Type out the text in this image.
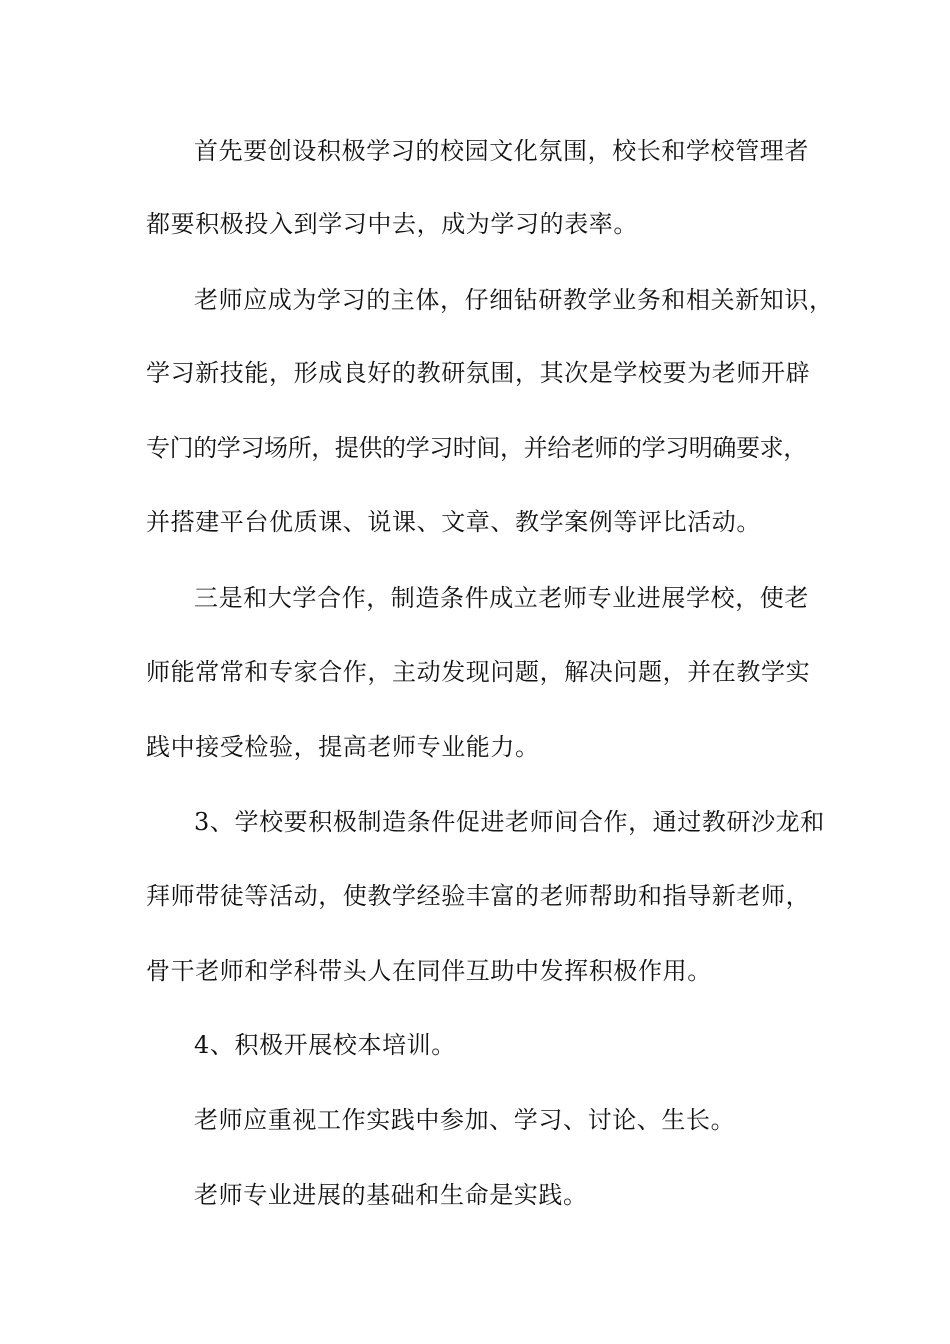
首先要创设积极学习的校园文化氛围，校长和学校管理者
都要积极投入到学习中去，成为学习的表率。
老师应成为学习的主体，仔细钻研教学业务和相关新知识，
学习新技能，形成良好的教研氛围，其次是学校要为老师开辟
专门的学习场所，提供的学习时间，并给老师的学习明确要求，
并搭建平台优质课、说课、文章、教学案例等评比活动。
三是和大学合作，制造条件成立老师专业进展学校，使老
师能常常和专家合作，主动发现问题，解决问题，并在教学实
践中接受检验，提高老师专业能力。
3、学校要积极制造条件促进老师间合作，通过教研沙龙和
拜师带徒等活动，使教学经验丰富的老师帮助和指导新老师，
骨干老师和学科带头人在同伴互助中发挥积极作用。
4、积极开展校本培训。
老师应重视工作实践中参加、学习、讨论、生长。
老师专业进展的基础和生命是实践。
